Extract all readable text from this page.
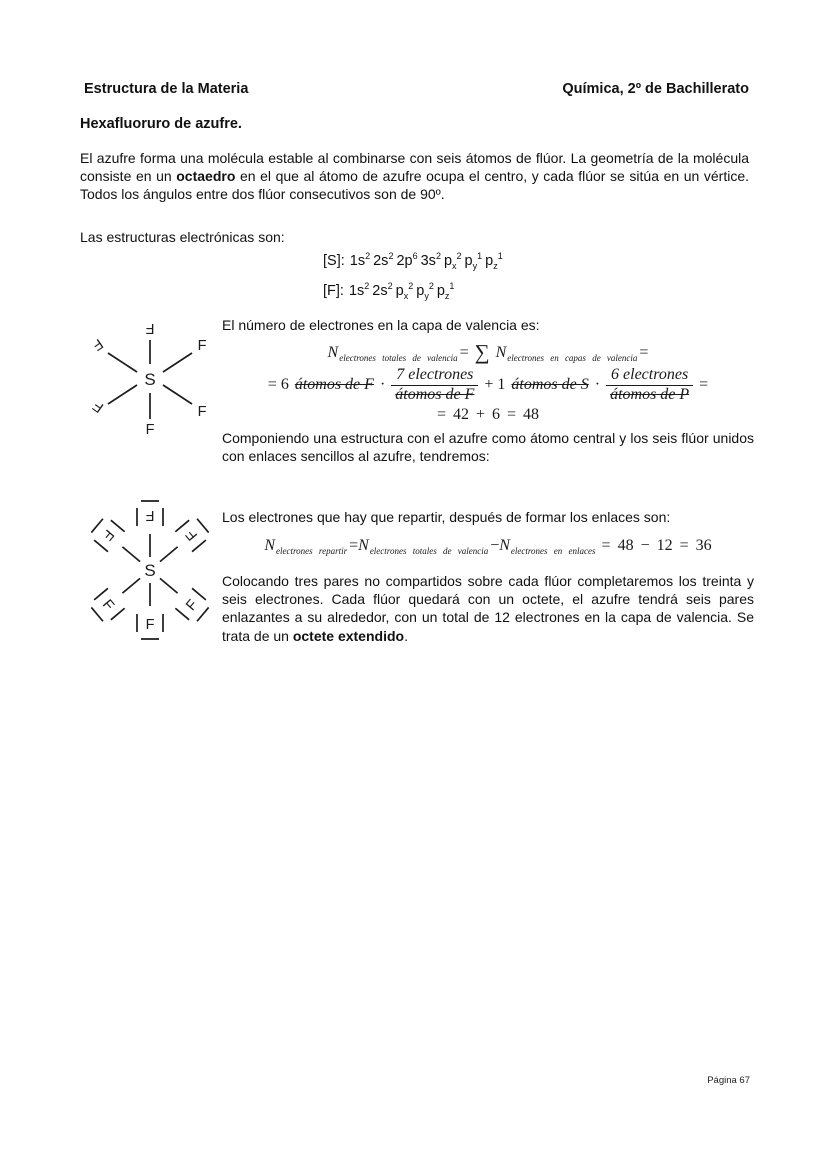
Estructura de la Materia	Química, 2º de Bachillerato
Hexafluoruro de azufre.

El azufre forma una molécula estable al combinarse con seis átomos de flúor. La geometría de la molécula consiste en un octaedro en el que al átomo de azufre ocupa el centro, y cada flúor se sitúa en un vértice. Todos los ángulos entre dos flúor consecutivos son de 90º.

Las estructuras electrónicas son:
[S]: $1s^2$ $2s^2$ $2p^6$ $3s^2$ $p_x^2$ $p_y^1$ $p_z^1$
[F]: $1s^2$ $2s^2$ $p_x^2$ $p_y^2$ $p_z^1$
S
F
F	F
F	F
F
El número de electrones en la capa de valencia es:
$N_{electrones totales de valencia}$ = ∑ $N_{electrones en capas de valencia}$ =
= 6 átomos de $F \cdot \frac{\text{7 electrones}}{\text{átomos de F}} + 1$ átomos de $S \cdot \frac{\text{6 electrones}}{\text{átomos de P}}$ =
= 42 + 6 = 48

Componiendo una estructura con el azufre como átomo central y los seis flúor unidos con enlaces sencillos al azufre, tendremos:

S
F
F
F
F	F
F
Los electrones que hay que repartir, después de formar los enlaces son:
$N_{electrones repartir} =N_{electrones totales de valencia} -N_{electrones en enlaces} = 48 - 12 = 36$

Colocando tres pares no compartidos sobre cada flúor completaremos los treinta y seis electrones. Cada flúor quedará con un octete, el azufre tendrá seis pares enlazantes a su alrededor, con un total de 12 electrones en la capa de valencia. Se trata de un octete extendido.

Página 67
